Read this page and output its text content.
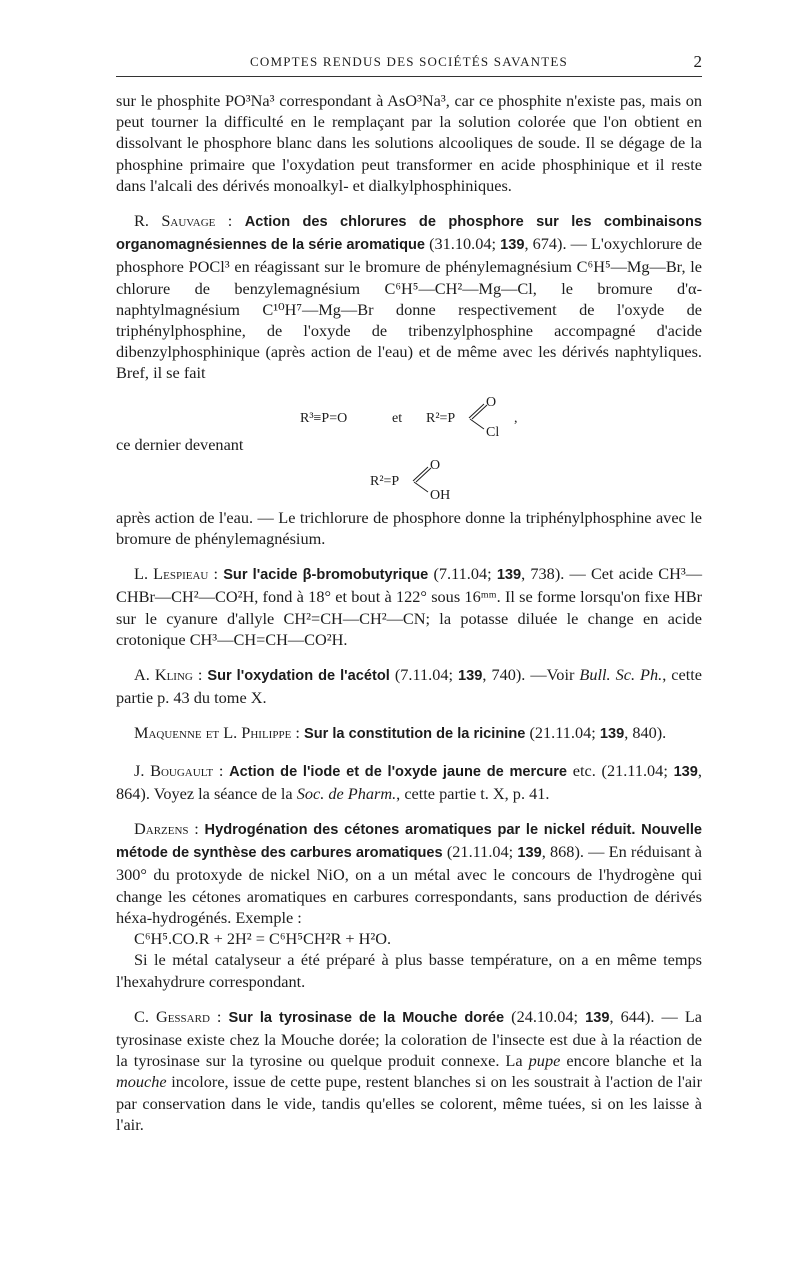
COMPTES RENDUS DES SOCIÉTÉS SAVANTES	2

sur le phosphite PO³Na³ correspondant à AsO³Na³, car ce phosphite n'existe pas, mais on peut tourner la difficulté en le remplaçant par la solution colorée que l'on obtient en dissolvant le phosphore blanc dans les solutions alcooliques de soude. Il se dégage de la phosphine primaire que l'oxydation peut transformer en acide phosphinique et il reste dans l'alcali des dérivés monoalkyl- et dialkylphosphiniques.

R. Sauvage : Action des chlorures de phosphore sur les combinaisons organomagnésiennes de la série aromatique (31.10.04; 139, 674). — L'oxychlorure de phosphore POCl³ en réagissant sur le bromure de phénylemagnésium C⁶H⁵—Mg—Br, le chlorure de benzylemagnésium C⁶H⁵—CH²—Mg—Cl, le bromure d'α-naphtylmagnésium C¹⁰H⁷—Mg—Br donne respectivement de l'oxyde de triphénylphosphine, de l'oxyde de tribenzylphosphine accompagné d'acide dibenzylphosphinique (après action de l'eau) et de même avec les dérivés naphtyliques. Bref, il se fait

R³≡P=O	et R²=P
O
Cl
,

ce dernier devenant

R²=P
O
OH

après action de l'eau. — Le trichlorure de phosphore donne la triphénylphosphine avec le bromure de phénylemagnésium.

L. Lespieau : Sur l'acide β-bromobutyrique (7.11.04; 139, 738). — Cet acide CH³—CHBr—CH²—CO²H, fond à 18° et bout à 122° sous 16ᵐᵐ. Il se forme lorsqu'on fixe HBr sur le cyanure d'allyle CH²=CH—CH²—CN; la potasse diluée le change en acide crotonique CH³—CH=CH—CO²H.

A. Kling : Sur l'oxydation de l'acétol (7.11.04; 139, 740). —Voir Bull. Sc. Ph., cette partie p. 43 du tome X.

Maquenne et L. Philippe : Sur la constitution de la ricinine (21.11.04; 139, 840).

J. Bougault : Action de l'iode et de l'oxyde jaune de mercure etc. (21.11.04; 139, 864). Voyez la séance de la Soc. de Pharm., cette partie t. X, p. 41.

Darzens : Hydrogénation des cétones aromatiques par le nickel réduit. Nouvelle métode de synthèse des carbures aromatiques (21.11.04; 139, 868). — En réduisant à 300° du protoxyde de nickel NiO, on a un métal avec le concours de l'hydrogène qui change les cétones aromatiques en carbures correspondants, sans production de dérivés héxa-hydrogénés. Exemple :

C⁶H⁵.CO.R + 2H² = C⁶H⁵CH²R + H²O.

Si le métal catalyseur a été préparé à plus basse température, on a en même temps l'hexahydrure correspondant.

C. Gessard : Sur la tyrosinase de la Mouche dorée (24.10.04; 139, 644). — La tyrosinase existe chez la Mouche dorée; la coloration de l'insecte est due à la réaction de la tyrosinase sur la tyrosine ou quelque produit connexe. La pupe encore blanche et la mouche incolore, issue de cette pupe, restent blanches si on les soustrait à l'action de l'air par conservation dans le vide, tandis qu'elles se colorent, même tuées, si on les laisse à l'air.
